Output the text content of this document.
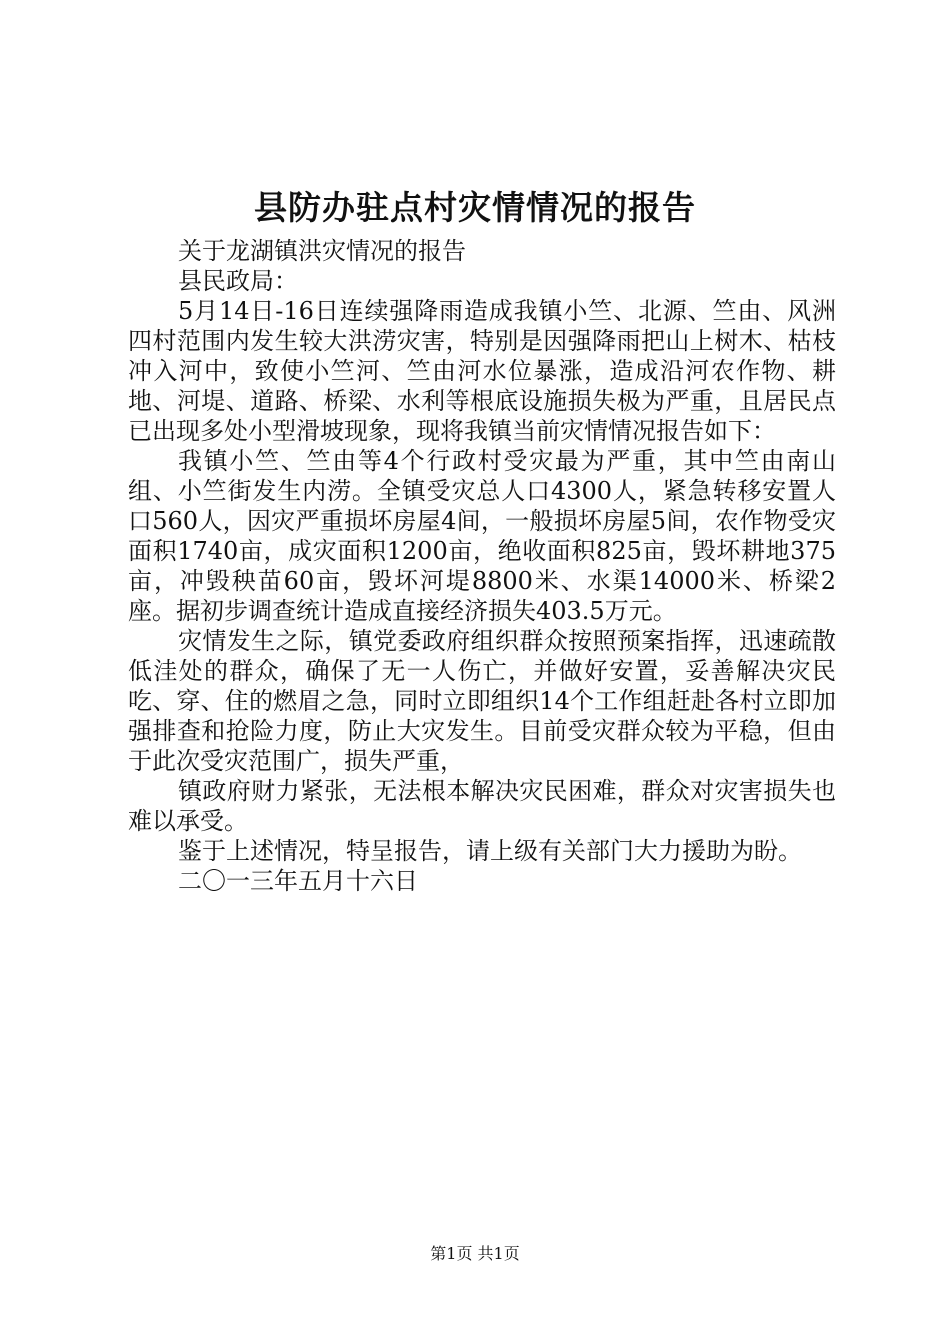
县防办驻点村灾情情况的报告

关于龙湖镇洪灾情况的报告

县民政局：

5月14日-16日连续强降雨造成我镇小竺、北源、竺由、风洲四村范围内发生较大洪涝灾害，特别是因强降雨把山上树木、枯枝冲入河中，致使小竺河、竺由河水位暴涨，造成沿河农作物、耕地、河堤、道路、桥梁、水利等根底设施损失极为严重，且居民点已出现多处小型滑坡现象，现将我镇当前灾情情况报告如下：

我镇小竺、竺由等4个行政村受灾最为严重，其中竺由南山组、小竺街发生内涝。全镇受灾总人口4300人，紧急转移安置人口560人，因灾严重损坏房屋4间，一般损坏房屋5间，农作物受灾面积1740亩，成灾面积1200亩，绝收面积825亩，毁坏耕地375亩，冲毁秧苗60亩，毁坏河堤8800米、水渠14000米、桥梁2座。据初步调查统计造成直接经济损失403.5万元。

灾情发生之际，镇党委政府组织群众按照预案指挥，迅速疏散低洼处的群众，确保了无一人伤亡，并做好安置，妥善解决灾民吃、穿、住的燃眉之急，同时立即组织14个工作组赶赴各村立即加强排查和抢险力度，防止大灾发生。目前受灾群众较为平稳，但由于此次受灾范围广，损失严重，

镇政府财力紧张，无法根本解决灾民困难，群众对灾害损失也难以承受。

鉴于上述情况，特呈报告，请上级有关部门大力援助为盼。

二〇一三年五月十六日

第1页 共1页
